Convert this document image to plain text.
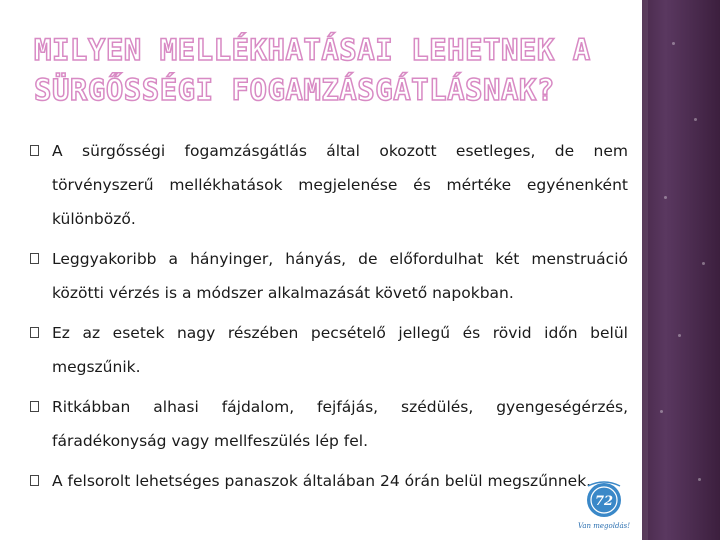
MILYEN MELLÉKHATÁSAI LEHETNEK A
SÜRGŐSSÉGI FOGAMZÁSGÁTLÁSNAK?
A sürgősségi fogamzásgátlás által okozott esetleges, de nem törvényszerű mellékhatások megjelenése és mértéke egyénenként különböző.
Leggyakoribb a hányinger, hányás, de előfordulhat két menstruáció közötti vérzés is a módszer alkalmazását követő napokban.
Ez az esetek nagy részében pecsételő jellegű és rövid időn belül megszűnik.
Ritkábban alhasi fájdalom, fejfájás, szédülés, gyengeségérzés, fáradékonyság vagy mellfeszülés lép fel.
A felsorolt lehetséges panaszok általában 24 órán belül megszűnnek.
72
Van megoldás!
